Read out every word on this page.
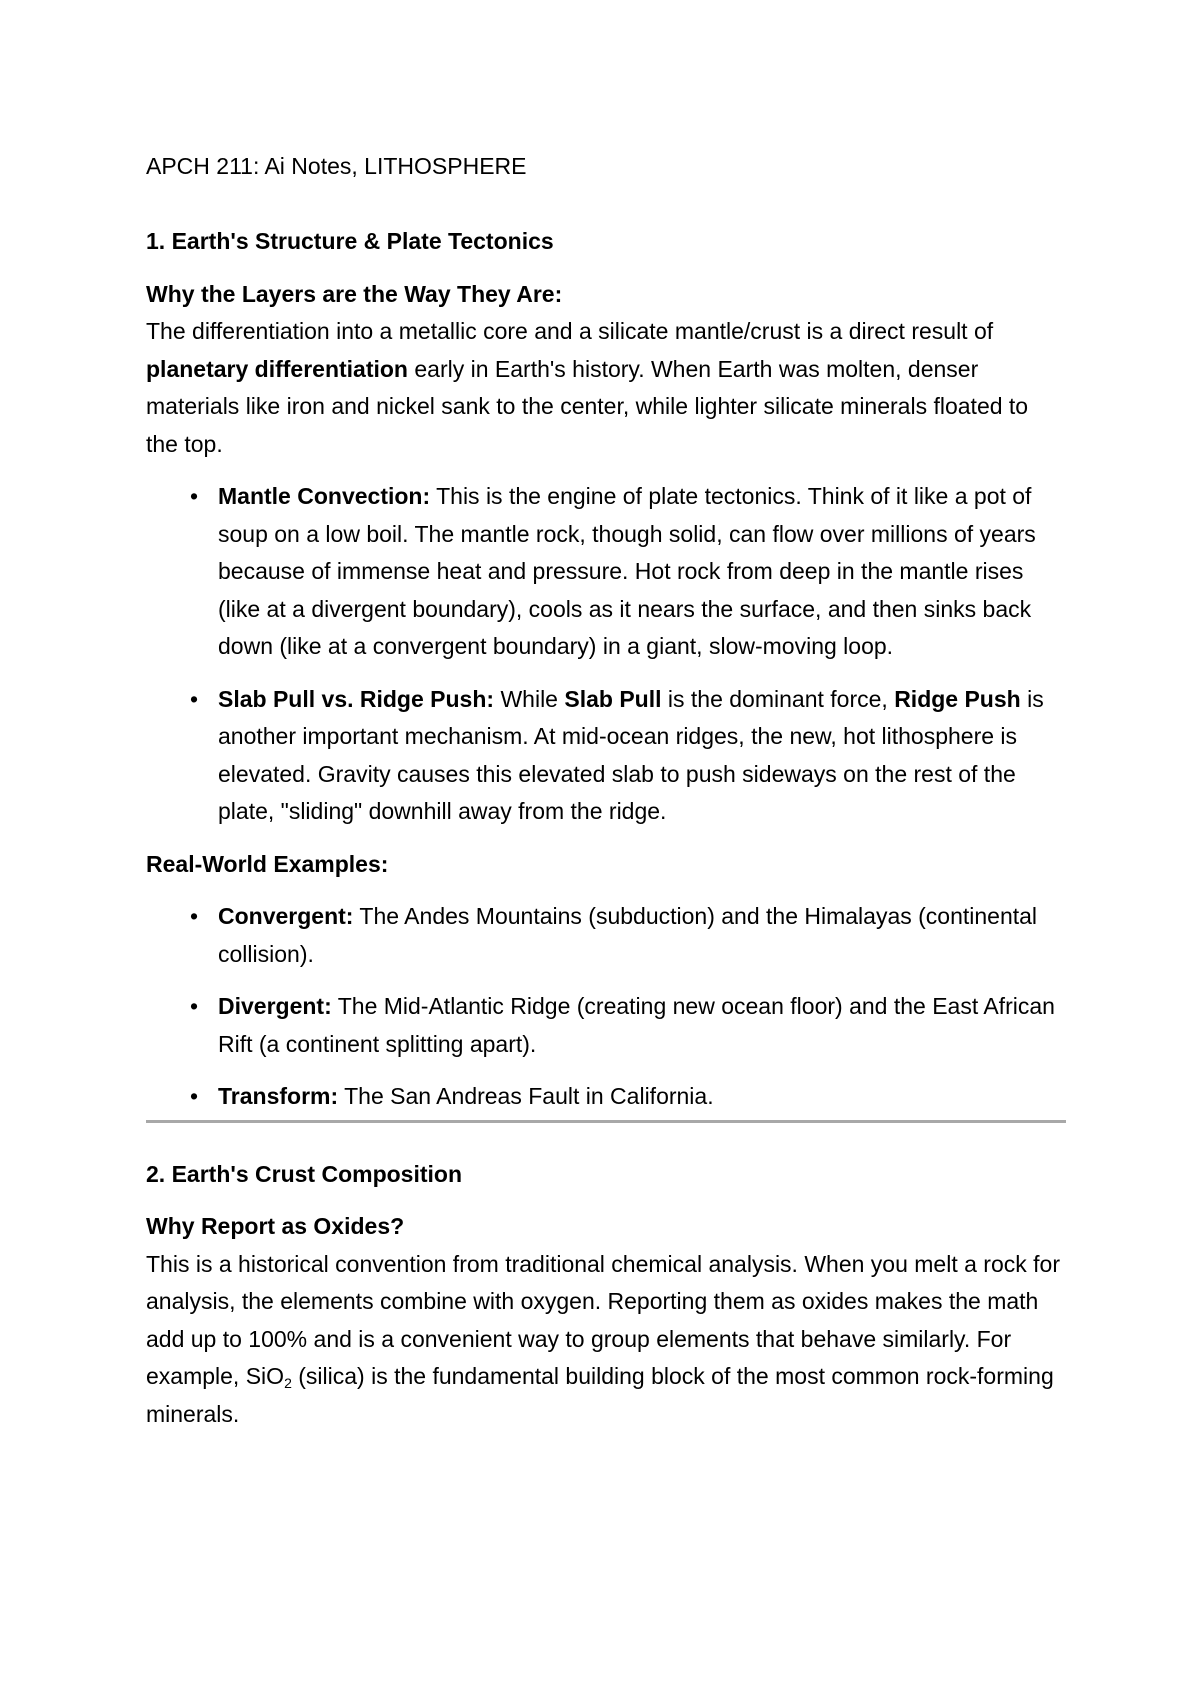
APCH 211: Ai Notes, LITHOSPHERE

1. Earth's Structure & Plate Tectonics

Why the Layers are the Way They Are:

The differentiation into a metallic core and a silicate mantle/crust is a direct result of planetary differentiation early in Earth's history. When Earth was molten, denser materials like iron and nickel sank to the center, while lighter silicate minerals floated to the top.

• Mantle Convection: This is the engine of plate tectonics. Think of it like a pot of soup on a low boil. The mantle rock, though solid, can flow over millions of years because of immense heat and pressure. Hot rock from deep in the mantle rises (like at a divergent boundary), cools as it nears the surface, and then sinks back down (like at a convergent boundary) in a giant, slow-moving loop.
• Slab Pull vs. Ridge Push: While Slab Pull is the dominant force, Ridge Push is another important mechanism. At mid-ocean ridges, the new, hot lithosphere is elevated. Gravity causes this elevated slab to push sideways on the rest of the plate, "sliding" downhill away from the ridge.

Real-World Examples:

• Convergent: The Andes Mountains (subduction) and the Himalayas (continental collision).
• Divergent: The Mid-Atlantic Ridge (creating new ocean floor) and the East African Rift (a continent splitting apart).
• Transform: The San Andreas Fault in California.

2. Earth's Crust Composition

Why Report as Oxides?

This is a historical convention from traditional chemical analysis. When you melt a rock for analysis, the elements combine with oxygen. Reporting them as oxides makes the math add up to 100% and is a convenient way to group elements that behave similarly. For example, SiO$_2$ (silica) is the fundamental building block of the most common rock-forming minerals.
